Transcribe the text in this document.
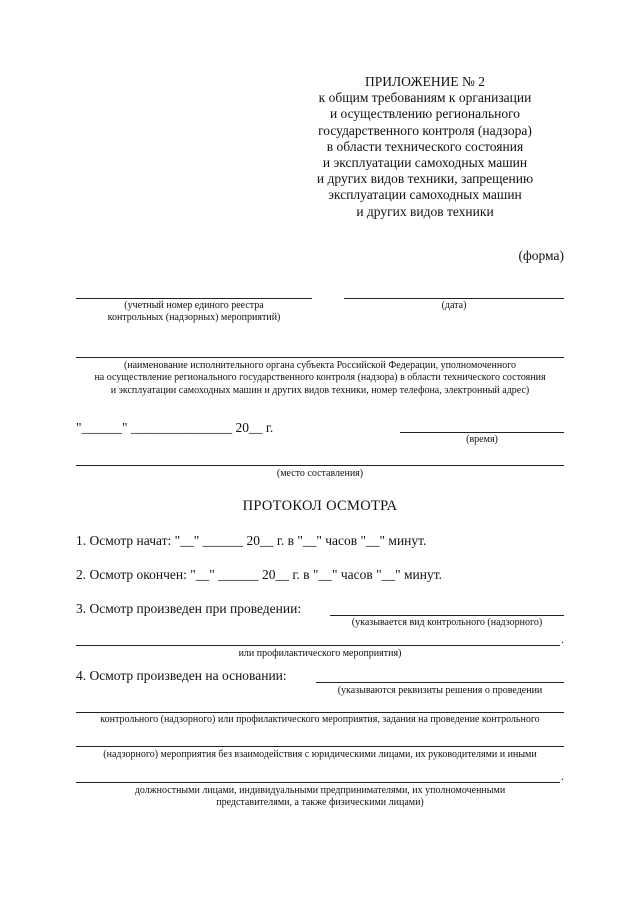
ПРИЛОЖЕНИЕ № 2
к общим требованиям к организации
и осуществлению регионального
государственного контроля (надзора)
в области технического состояния
и эксплуатации самоходных машин
и других видов техники, запрещению
эксплуатации самоходных машин
и других видов техники
(форма)
(учетный номер единого реестра
контрольных (надзорных) мероприятий)
(дата)
(наименование исполнительного органа субъекта Российской Федерации, уполномоченного
на осуществление регионального государственного контроля (надзора) в области технического состояния
и эксплуатации самоходных машин и других видов техники, номер телефона, электронный адрес)
"______" _______________ 20__ г.
(время)
(место составления)
ПРОТОКОЛ ОСМОТРА
1. Осмотр начат: "__" ______ 20__ г. в "__" часов "__" минут.
2. Осмотр окончен: "__" ______ 20__ г. в "__" часов "__" минут.
3. Осмотр произведен при проведении:
(указывается вид контрольного (надзорного)
.
или профилактического мероприятия)
4. Осмотр произведен на основании:
(указываются реквизиты решения о проведении
контрольного (надзорного) или профилактического мероприятия, задания на проведение контрольного
(надзорного) мероприятия без взаимодействия с юридическими лицами, их руководителями и иными
.
должностными лицами, индивидуальными предпринимателями, их уполномоченными
представителями, а также физическими лицами)
